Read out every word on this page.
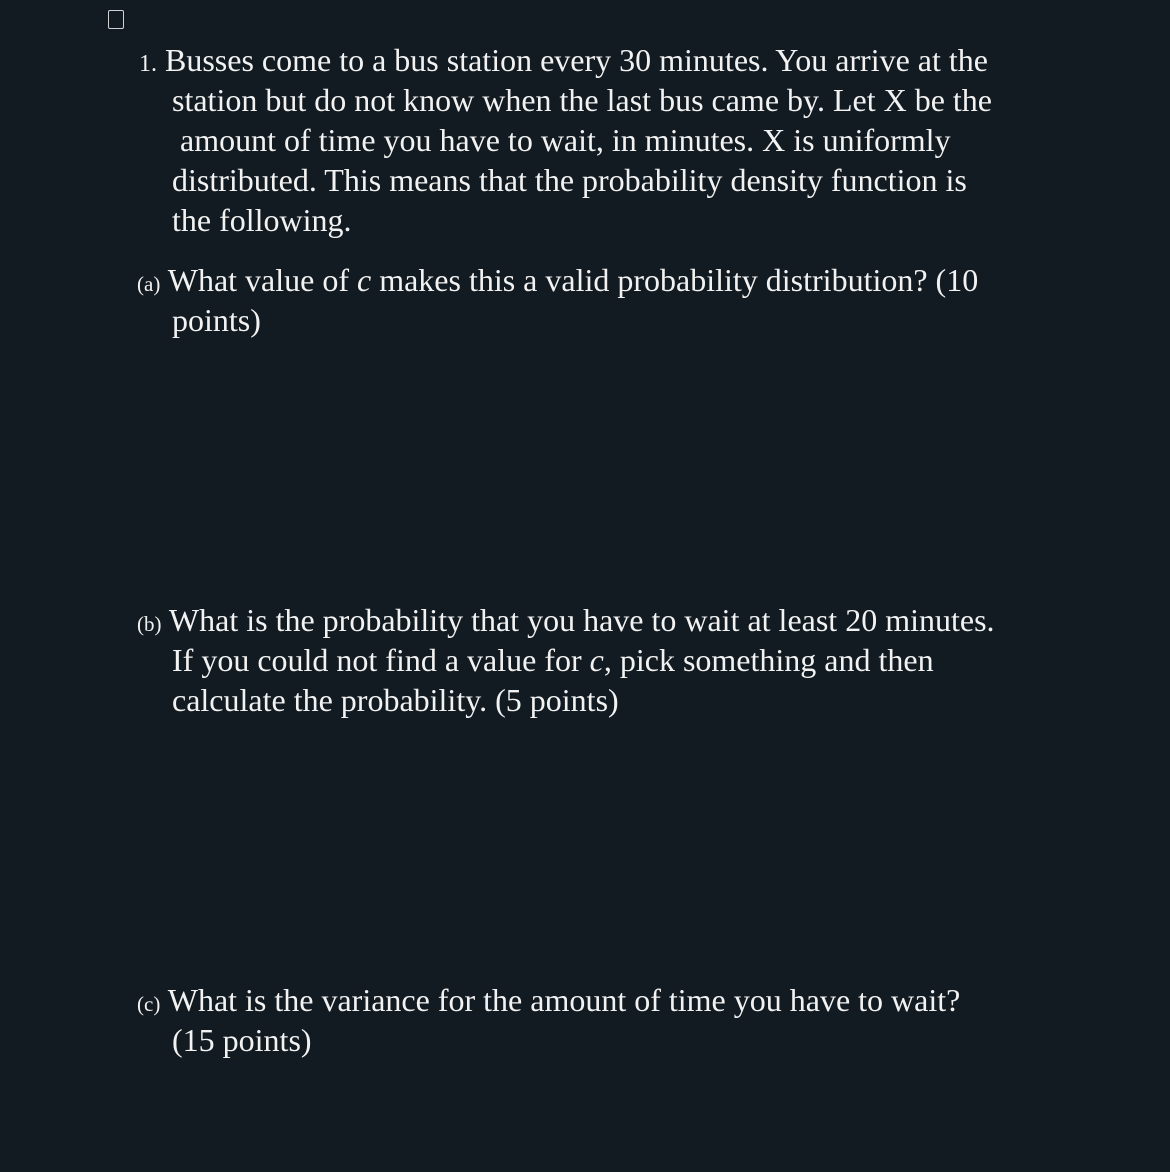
1. Busses come to a bus station every 30 minutes. You arrive at the
station but do not know when the last bus came by. Let X be the
amount of time you have to wait, in minutes. X is uniformly
distributed. This means that the probability density function is
the following.
(a) What value of c makes this a valid probability distribution? (10
points)
(b) What is the probability that you have to wait at least 20 minutes.
If you could not find a value for c, pick something and then
calculate the probability. (5 points)
(c) What is the variance for the amount of time you have to wait?
(15 points)
